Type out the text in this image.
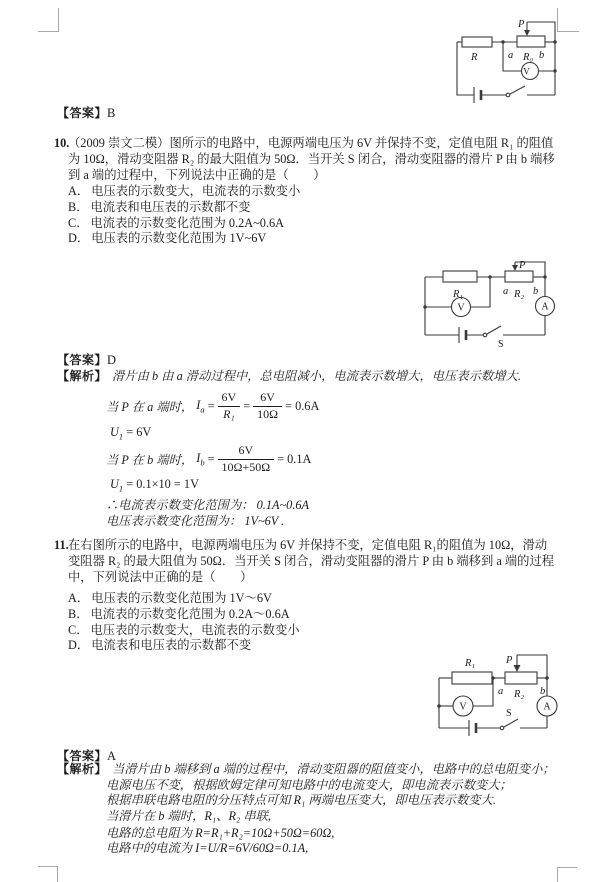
R
P
a R₀ b
V
【答案】B
10.
（2009 崇文二模）图所示的电路中，电源两端电压为 6V 并保持不变，定值电阻 R₁ 的阻值为 10Ω，滑动变阻器 R₂ 的最大阻值为 50Ω．当开关 S 闭合，滑动变阻器的滑片 P 由 b 端移到 a 端的过程中，下列说法中正确的是（　　）
A． 电压表的示数变大，电流表的示数变小
B． 电流表和电压表的示数都不变
C． 电流表的示数变化范围为 0.2A~0.6A
D． 电压表的示数变化范围为 1V~6V
R₁
P
a R₂ b
V	A
S
【答案】D
【解析】 滑片由 b 由 a 滑动过程中，总电阻减小，电流表示数增大，电压表示数增大.
当 P 在 a 端时， $I_a = \frac{6V}{\text{R₁}} = \frac{6V}{10\Omega} = 0.6A$
$U_1 = 6V$
当 P 在 b 端时， $I_b = \frac{6V}{10\Omega+50\Omega} = 0.1A$
$U_1 = 0.1\times 10 = 1V$
∴电流表示数变化范围为： 0.1A~0.6A
电压表示数变化范围为： 1V~6V .
11. 在右图所示的电路中，电源两端电压为 6V 并保持不变，定值电阻 R₁的阻值为 10Ω，滑动变阻器 R₂ 的最大阻值为 50Ω．当开关 S 闭合，滑动变阻器的滑片 P 由 b 端移到 a 端的过程中，下列说法中正确的是（　　）
A． 电压表的示数变化范围为 1V～6V
B． 电流表的示数变化范围为 0.2A～0.6A
C． 电压表的示数变大，电流表的示数变小
D． 电流表和电压表的示数都不变
R₁	P
a R₂ b
V	A
S
【答案】A
【解析】 当滑片由 b 端移到 a 端的过程中，滑动变阻器的阻值变小，电路中的总电阻变小；
电源电压不变，根据欧姆定律可知电路中的电流变大，即电流表示数变大；
根据串联电路电阻的分压特点可知 R₁ 两端电压变大，即电压表示数变大.
当滑片在 b 端时，R₁、R₂ 串联,
电路的总电阻为 R=R₁+R₂=10Ω+50Ω=60Ω,
电路中的电流为 I=U/R=6V/60Ω=0.1A,
